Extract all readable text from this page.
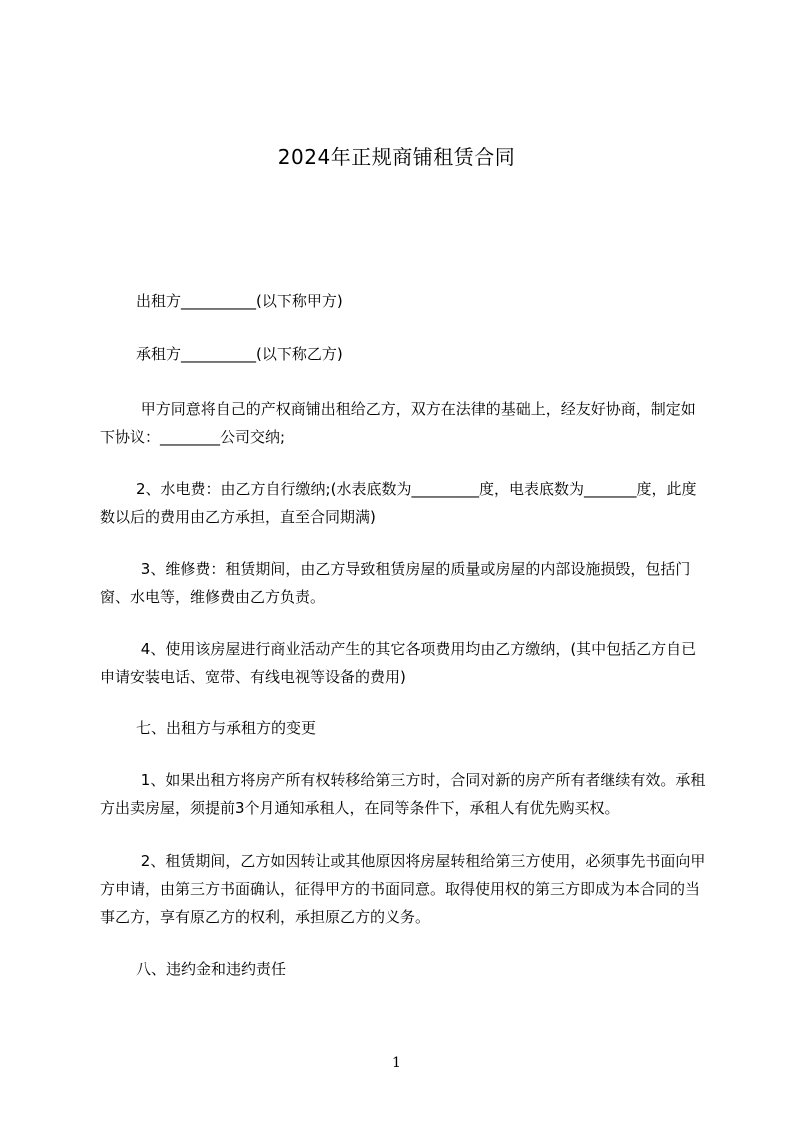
2024年正规商铺租赁合同
出租方__________(以下称甲方)
承租方__________(以下称乙方)
甲方同意将自己的产权商铺出租给乙方，双方在法律的基础上，经友好协商，制定如下协议：________公司交纳;
2、水电费：由乙方自行缴纳;(水表底数为_________度，电表底数为_______度，此度数以后的费用由乙方承担，直至合同期满)
3、维修费：租赁期间，由乙方导致租赁房屋的质量或房屋的内部设施损毁，包括门窗、水电等，维修费由乙方负责。
4、使用该房屋进行商业活动产生的其它各项费用均由乙方缴纳，(其中包括乙方自已申请安装电话、宽带、有线电视等设备的费用)
七、出租方与承租方的变更
1、如果出租方将房产所有权转移给第三方时，合同对新的房产所有者继续有效。承租方出卖房屋，须提前3个月通知承租人，在同等条件下，承租人有优先购买权。
2、租赁期间，乙方如因转让或其他原因将房屋转租给第三方使用，必须事先书面向甲方申请，由第三方书面确认，征得甲方的书面同意。取得使用权的第三方即成为本合同的当事乙方，享有原乙方的权利，承担原乙方的义务。
八、违约金和违约责任
1
